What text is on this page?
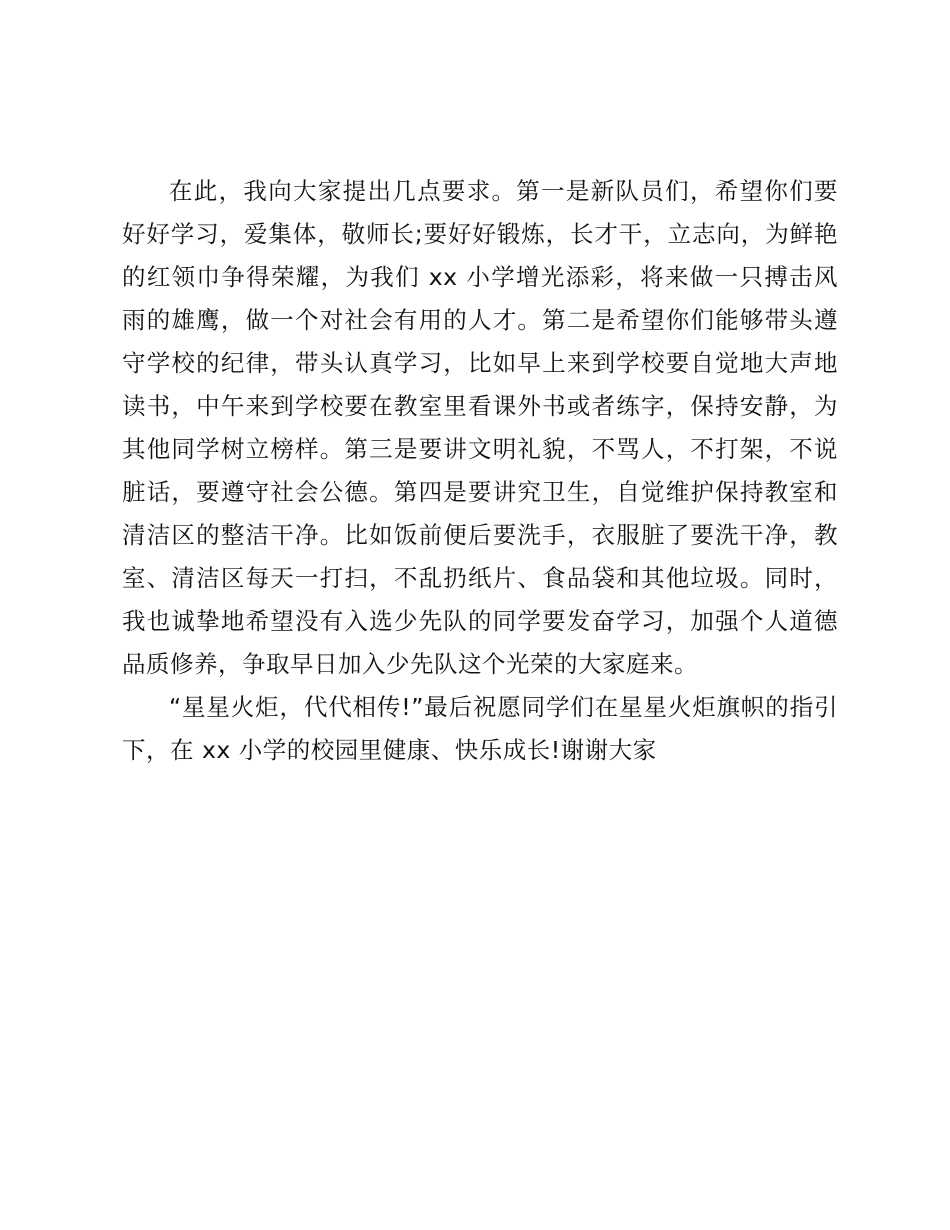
在此，我向大家提出几点要求。第一是新队员们，希望你们要好好学习，爱集体，敬师长;要好好锻炼，长才干，立志向，为鲜艳的红领巾争得荣耀，为我们 xx 小学增光添彩，将来做一只搏击风雨的雄鹰，做一个对社会有用的人才。第二是希望你们能够带头遵守学校的纪律，带头认真学习，比如早上来到学校要自觉地大声地读书，中午来到学校要在教室里看课外书或者练字，保持安静，为其他同学树立榜样。第三是要讲文明礼貌，不骂人，不打架，不说脏话，要遵守社会公德。第四是要讲究卫生，自觉维护保持教室和清洁区的整洁干净。比如饭前便后要洗手，衣服脏了要洗干净，教室、清洁区每天一打扫，不乱扔纸片、食品袋和其他垃圾。同时，我也诚挚地希望没有入选少先队的同学要发奋学习，加强个人道德品质修养，争取早日加入少先队这个光荣的大家庭来。

“星星火炬，代代相传!”最后祝愿同学们在星星火炬旗帜的指引下，在 xx 小学的校园里健康、快乐成长!谢谢大家
